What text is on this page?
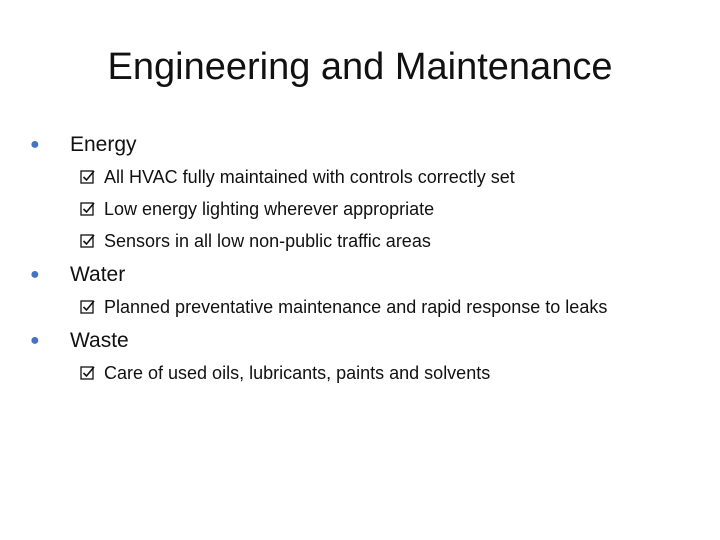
Engineering and Maintenance
●	Energy
All HVAC fully maintained with controls correctly set
Low energy lighting wherever appropriate
Sensors in all low non-public traffic areas
●	Water
Planned preventative maintenance and rapid response to leaks
●	Waste
Care of used oils, lubricants, paints and solvents
